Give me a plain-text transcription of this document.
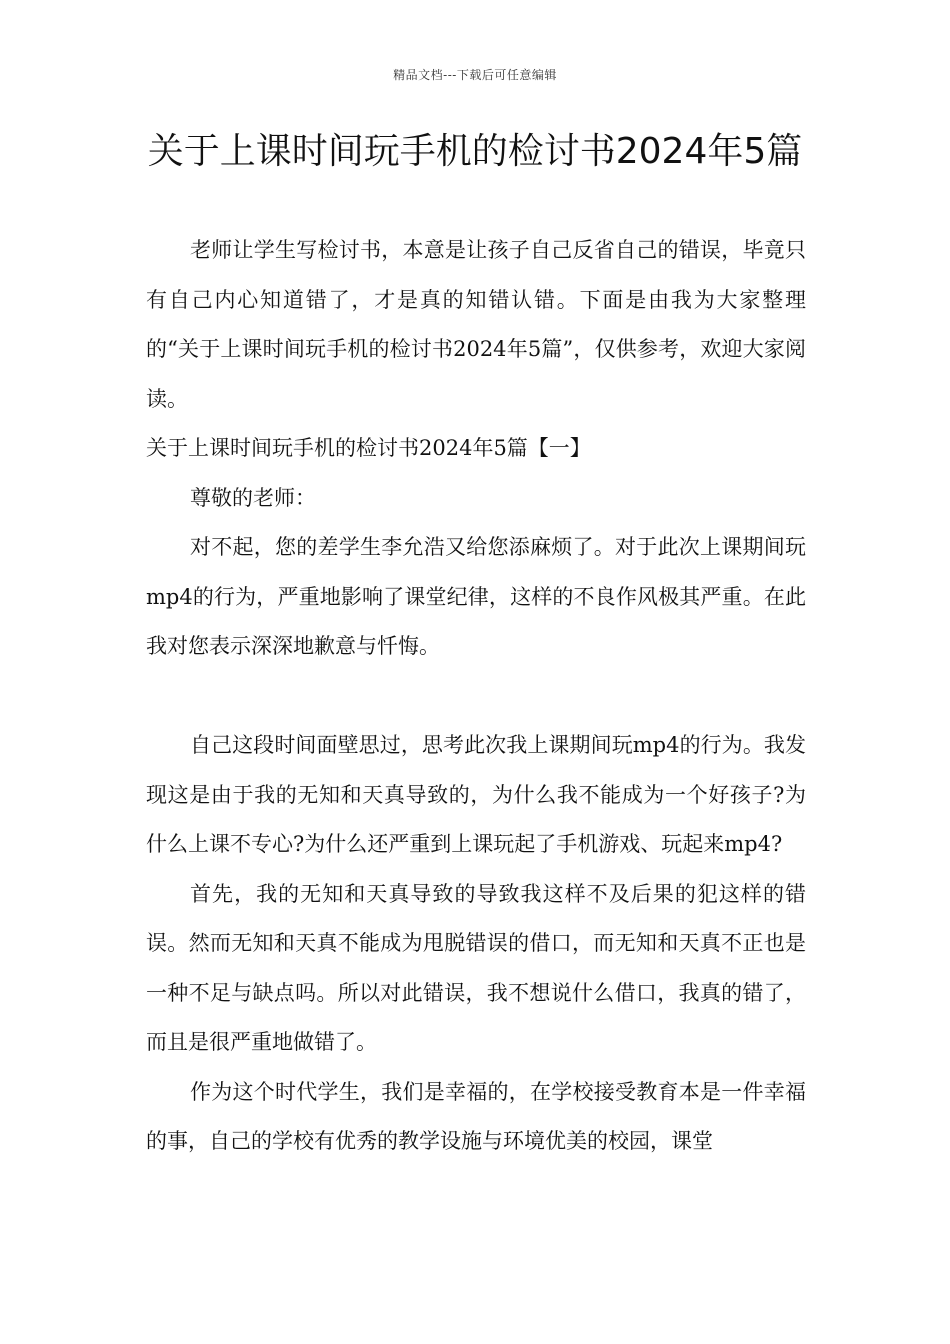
精品文档---下载后可任意编辑
关于上课时间玩手机的检讨书2024年5篇

老师让学生写检讨书，本意是让孩子自己反省自己的错误，毕竟只有自己内心知道错了，才是真的知错认错。下面是由我为大家整理的“关于上课时间玩手机的检讨书2024年5篇”，仅供参考，欢迎大家阅读。

关于上课时间玩手机的检讨书2024年5篇【一】

尊敬的老师：

对不起，您的差学生李允浩又给您添麻烦了。对于此次上课期间玩mp4的行为，严重地影响了课堂纪律，这样的不良作风极其严重。在此我对您表示深深地歉意与忏悔。

自己这段时间面壁思过，思考此次我上课期间玩mp4的行为。我发现这是由于我的无知和天真导致的，为什么我不能成为一个好孩子?为什么上课不专心?为什么还严重到上课玩起了手机游戏、玩起来mp4?

首先，我的无知和天真导致的导致我这样不及后果的犯这样的错误。然而无知和天真不能成为甩脱错误的借口，而无知和天真不正也是一种不足与缺点吗。所以对此错误，我不想说什么借口，我真的错了，而且是很严重地做错了。

作为这个时代学生，我们是幸福的，在学校接受教育本是一件幸福的事，自己的学校有优秀的教学设施与环境优美的校园，课堂
